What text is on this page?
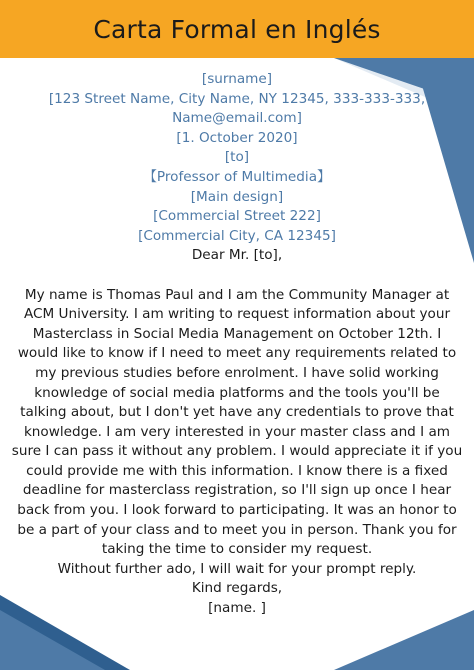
Carta Formal en Inglés
[surname]
[123 Street Name, City Name, NY 12345, 333-333-333,
Name@email.com]
[1. October 2020]
[to]
【Professor of Multimedia】
[Main design]
[Commercial Street 222]
[Commercial City, CA 12345]
Dear Mr. [to],
My name is Thomas Paul and I am the Community Manager at
ACM University. I am writing to request information about your
Masterclass in Social Media Management on October 12th. I
would like to know if I need to meet any requirements related to
my previous studies before enrolment. I have solid working
knowledge of social media platforms and the tools you'll be
talking about, but I don't yet have any credentials to prove that
knowledge. I am very interested in your master class and I am
sure I can pass it without any problem. I would appreciate it if you
could provide me with this information. I know there is a fixed
deadline for masterclass registration, so I'll sign up once I hear
back from you. I look forward to participating. It was an honor to
be a part of your class and to meet you in person. Thank you for
taking the time to consider my request.
Without further ado, I will wait for your prompt reply.
Kind regards,
[name. ]
